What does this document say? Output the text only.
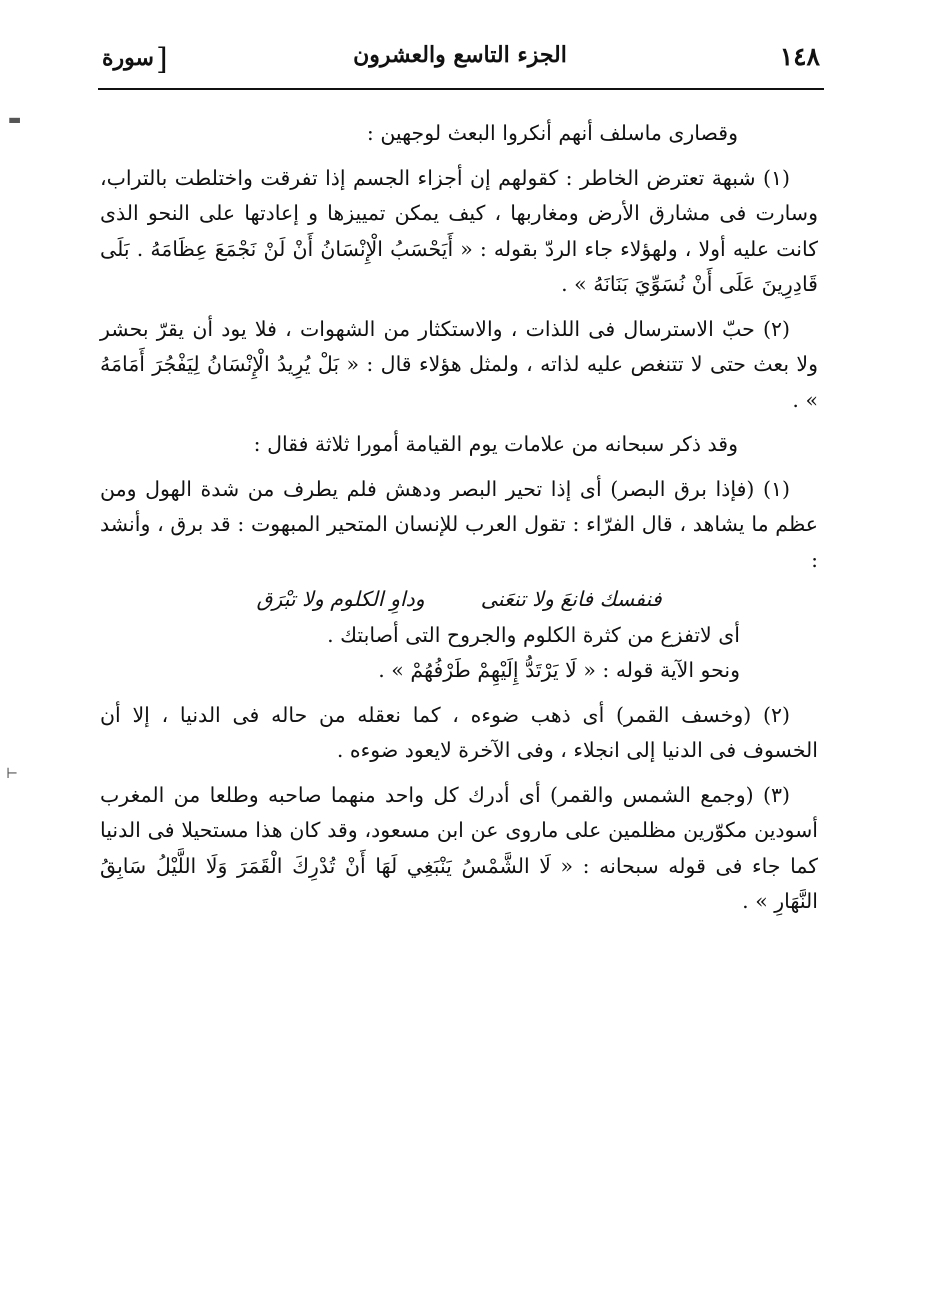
١٤٨
الجزء التاسع والعشرون
[سورة

وقصارى ماسلف أنهم أنكروا البعث لوجهين :

(١) شبهة تعترض الخاطر : كقولهم إن أجزاء الجسم إذا تفرقت واختلطت بالتراب، وسارت فى مشارق الأرض ومغاربها ، كيف يمكن تمييزها و إعادتها على النحو الذى كانت عليه أولا ، ولهؤلاء جاء الردّ بقوله : « أَيَحْسَبُ الْإِنْسَانُ أَنْ لَنْ نَجْمَعَ عِظَامَهُ . بَلَى قَادِرِينَ عَلَى أَنْ نُسَوِّيَ بَنَانَهُ » .

(٢) حبّ الاسترسال فى اللذات ، والاستكثار من الشهوات ، فلا يود أن يقرّ بحشر ولا بعث حتى لا تتنغص عليه لذاته ، ولمثل هؤلاء قال : « بَلْ يُرِيدُ الْإِنْسَانُ لِيَفْجُرَ أَمَامَهُ » .

وقد ذكر سبحانه من علامات يوم القيامة أمورا ثلاثة فقال :

(١) (فإذا برق البصر) أى إذا تحير البصر ودهش فلم يطرف من شدة الهول ومن عظم ما يشاهد ، قال الفرّاء : تقول العرب للإنسان المتحير المبهوت : قد برق ، وأنشد :

فنفسك فانعَ ولا تنعَنى
وداوِ الكلوم ولا تبْرَق

أى لاتفزع من كثرة الكلوم والجروح التى أصابتك .

ونحو الآية قوله : « لَا يَرْتَدُّ إِلَيْهِمْ طَرْفُهُمْ » .

(٢) (وخسف القمر) أى ذهب ضوءه ، كما نعقله من حاله فى الدنيا ، إلا أن الخسوف فى الدنيا إلى انجلاء ، وفى الآخرة لايعود ضوءه .

(٣) (وجمع الشمس والقمر) أى أدرك كل واحد منهما صاحبه وطلعا من المغرب أسودين مكوّرين مظلمين على ماروى عن ابن مسعود، وقد كان هذا مستحيلا فى الدنيا كما جاء فى قوله سبحانه : « لَا الشَّمْسُ يَنْبَغِي لَهَا أَنْ تُدْرِكَ الْقَمَرَ وَلَا اللَّيْلُ سَابِقُ النَّهَارِ » .

▬
⊢
